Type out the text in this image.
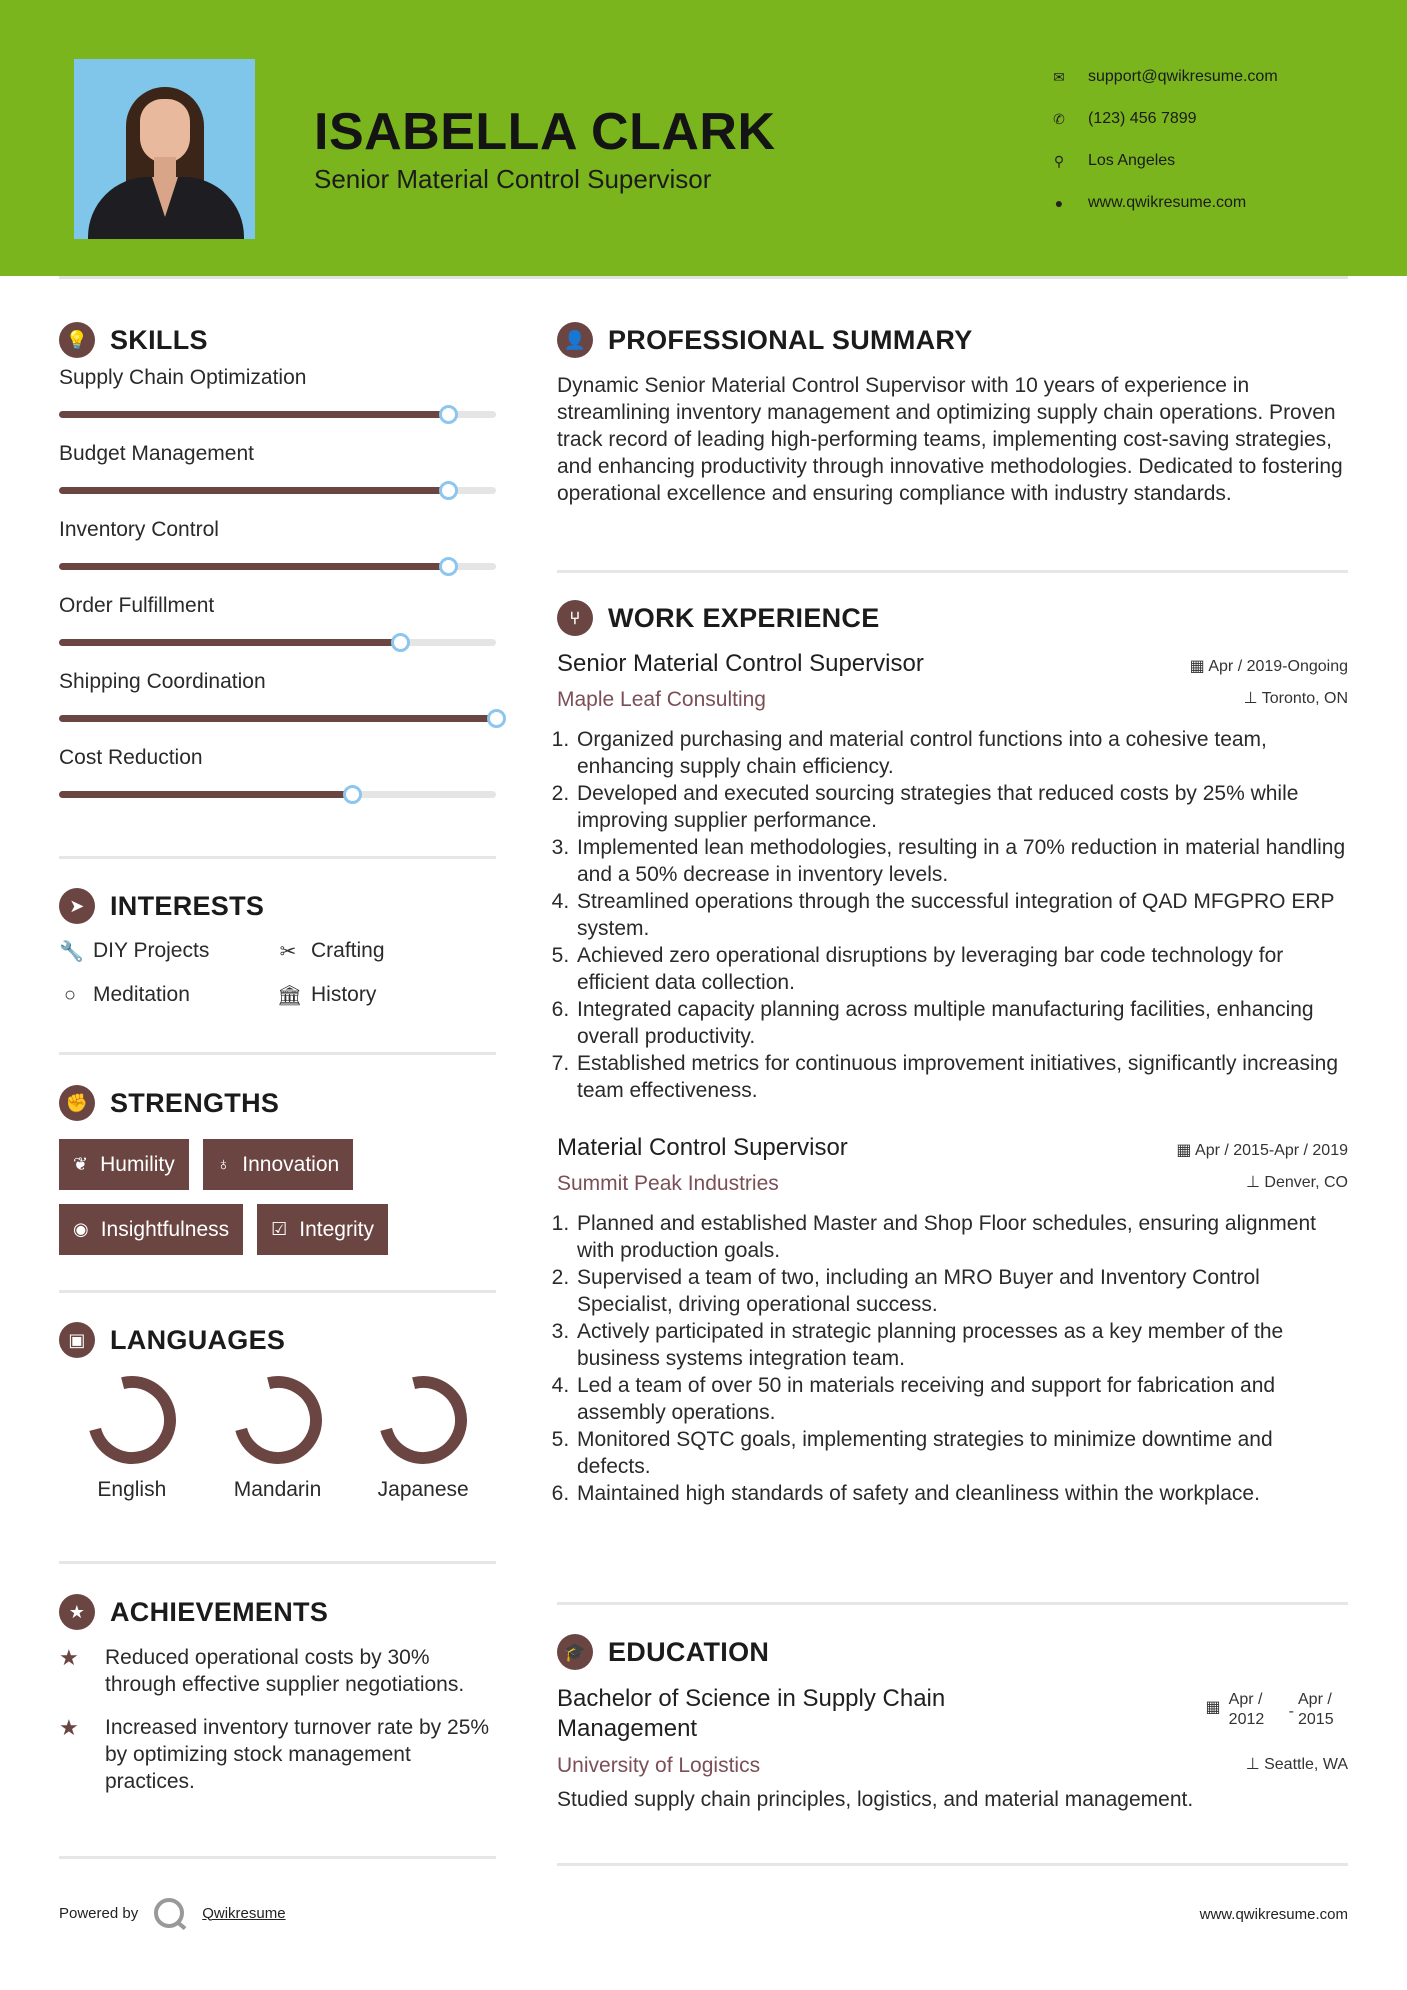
ISABELLA CLARK
Senior Material Control Supervisor
✉ support@qwikresume.com
✆ (123) 456 7899
⚲ Los Angeles
● www.qwikresume.com
💡 SKILLS
Supply Chain Optimization
Budget Management
Inventory Control
Order Fulfillment
Shipping Coordination
Cost Reduction
➤ INTERESTS
🔧 DIY Projects	✂ Crafting
○ Meditation	🏛 History
✊ STRENGTHS
❦ Humility ♁ Innovation
◉ Insightfulness ☑ Integrity
▣ LANGUAGES
English	Mandarin	Japanese
★ ACHIEVEMENTS
★	Reduced operational costs by 30% through effective supplier negotiations.
★	Increased inventory turnover rate by 25% by optimizing stock management practices.
👤 PROFESSIONAL SUMMARY
Dynamic Senior Material Control Supervisor with 10 years of experience in streamlining inventory management and optimizing supply chain operations. Proven track record of leading high-performing teams, implementing cost-saving strategies, and enhancing productivity through innovative methodologies. Dedicated to fostering operational excellence and ensuring compliance with industry standards.
⑂	WORK EXPERIENCE
Senior Material Control Supervisor	▦ Apr / 2019-Ongoing
Maple Leaf Consulting	⊥ Toronto, ON
1. Organized purchasing and material control functions into a cohesive team, enhancing supply chain efficiency.
2. Developed and executed sourcing strategies that reduced costs by 25% while improving supplier performance.
3. Implemented lean methodologies, resulting in a 70% reduction in material handling and a 50% decrease in inventory levels.
4. Streamlined operations through the successful integration of QAD MFGPRO ERP system.
5. Achieved zero operational disruptions by leveraging bar code technology for efficient data collection.
6. Integrated capacity planning across multiple manufacturing facilities, enhancing overall productivity.
7. Established metrics for continuous improvement initiatives, significantly increasing team effectiveness.
Material Control Supervisor	▦ Apr / 2015-Apr / 2019
Summit Peak Industries	⊥ Denver, CO
1. Planned and established Master and Shop Floor schedules, ensuring alignment with production goals.
2. Supervised a team of two, including an MRO Buyer and Inventory Control Specialist, driving operational success.
3. Actively participated in strategic planning processes as a key member of the business systems integration team.
4. Led a team of over 50 in materials receiving and support for fabrication and assembly operations.
5. Monitored SQTC goals, implementing strategies to minimize downtime and defects.
6. Maintained high standards of safety and cleanliness within the workplace.
🎓 EDUCATION
Bachelor of Science in Supply Chain Management
▦ Apr / 2012	-
Apr / 2015
University of Logistics	⊥ Seattle, WA
Studied supply chain principles, logistics, and material management.
Powered by	Qwikresume	www.qwikresume.com
